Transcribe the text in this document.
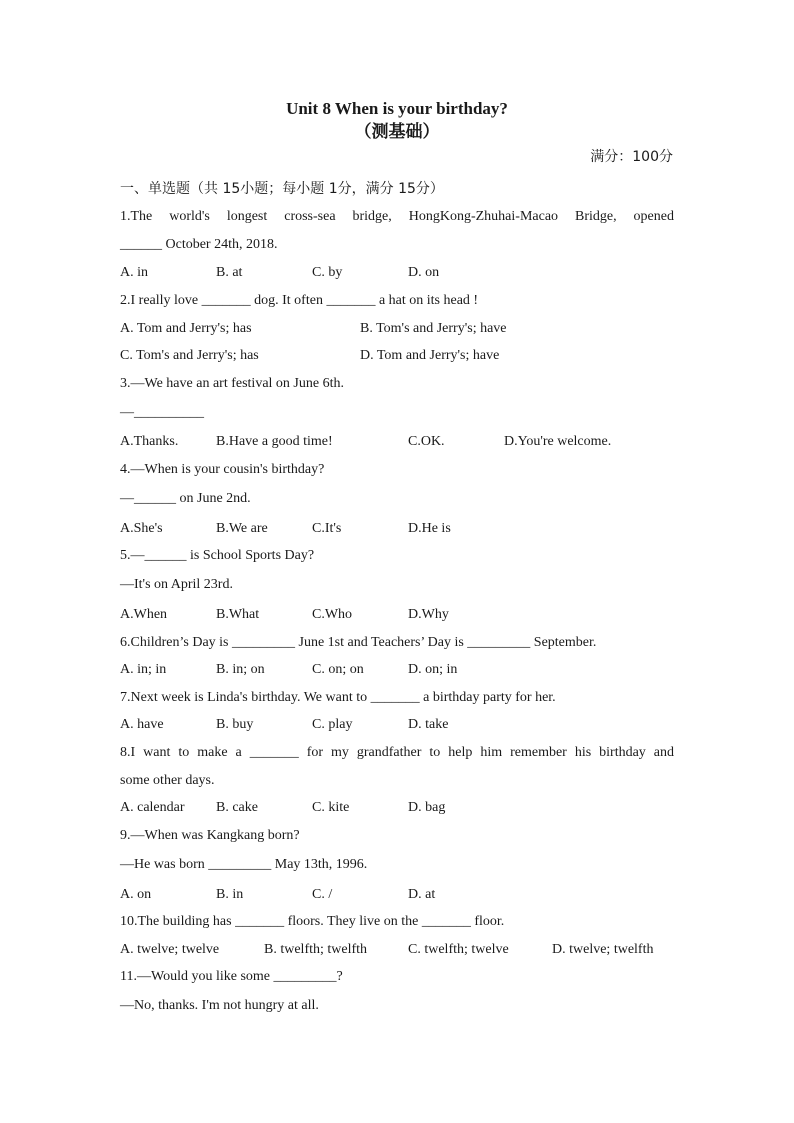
Unit 8 When is your birthday?
（测基础）
满分：100分
一、单选题（共 15小题；每小题 1分，满分 15分）
1.The world's longest cross-sea bridge, HongKong-Zhuhai-Macao Bridge, opened
______ October 24th, 2018.
A. in	B. at	C. by	D. on
2.I really love _______ dog. It often _______ a hat on its head !
A. Tom and Jerry's; has	B. Tom's and Jerry's; have
C. Tom's and Jerry's; has	D. Tom and Jerry's; have
3.—We have an art festival on June 6th.
—__________
A.Thanks.	B.Have a good time!	C.OK.	D.You're welcome.
4.—When is your cousin's birthday?
—______ on June 2nd.
A.She's	B.We are	C.It's	D.He is
5.—______ is School Sports Day?
—It's on April 23rd.
A.When	B.What	C.Who	D.Why
6.Children’s Day is _________ June 1st and Teachers’ Day is _________ September.
A. in; in	B. in; on	C. on; on	D. on; in
7.Next week is Linda's birthday. We want to _______ a birthday party for her.
A. have	B. buy	C. play	D. take
8.I want to make a _______ for my grandfather to help him remember his birthday and
some other days.
A. calendar B. cake	C. kite	D. bag
9.—When was Kangkang born?
—He was born _________ May 13th, 1996.
A. on	B. in	C. /	D. at
10.The building has _______ floors. They live on the _______ floor.
A. twelve; twelve	B. twelfth; twelfth	C. twelfth; twelve	D. twelve; twelfth
11.—Would you like some _________?
—No, thanks. I'm not hungry at all.
